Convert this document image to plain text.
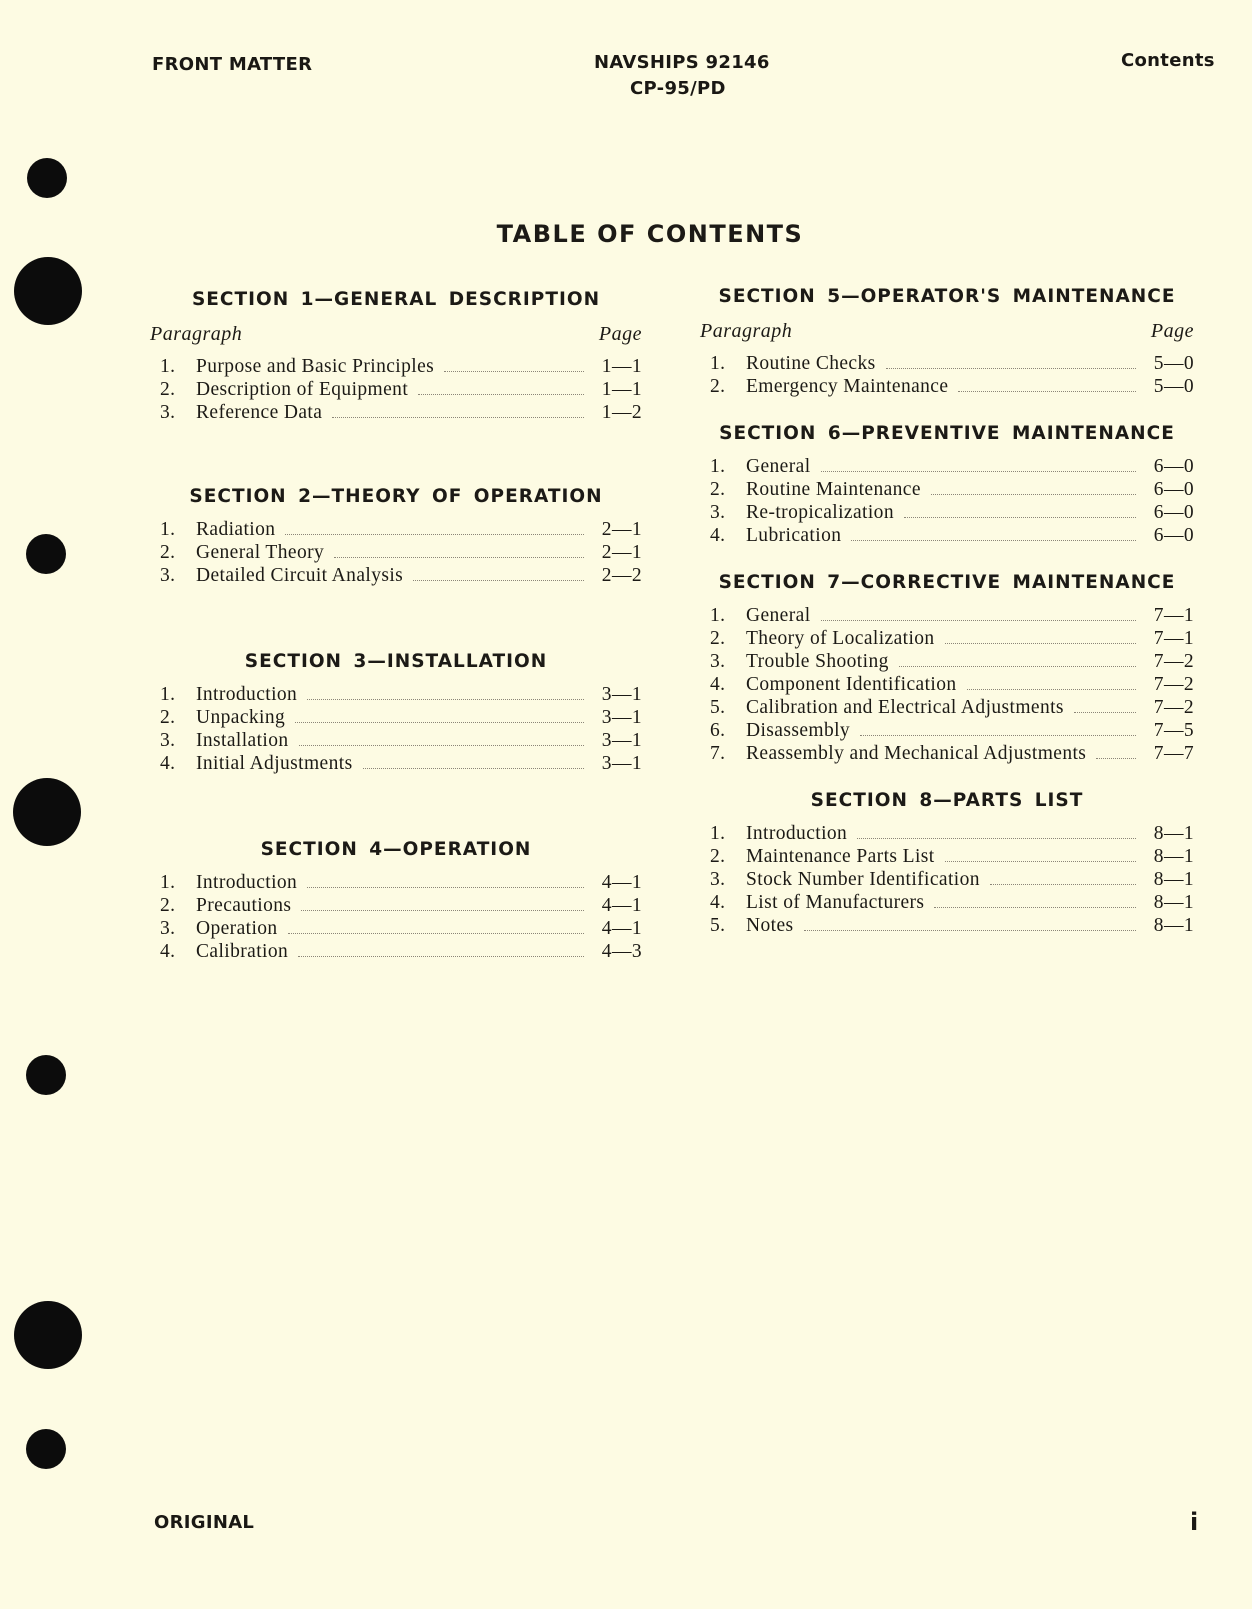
FRONT MATTER	NAVSHIPS 92146
CP-95/PD
Contents
TABLE OF CONTENTS
SECTION 1—GENERAL DESCRIPTION
Paragraph	Page
1.	Purpose and Basic Principles	1—1
2.	Description of Equipment	1—1
3.	Reference Data	1—2
SECTION 2—THEORY OF OPERATION
1.	Radiation	2—1
2.	General Theory	2—1
3.	Detailed Circuit Analysis	2—2
SECTION 3—INSTALLATION
1.	Introduction	3—1
2.	Unpacking	3—1
3.	Installation	3—1
4.	Initial Adjustments	3—1
SECTION 4—OPERATION
1.	Introduction	4—1
2.	Precautions	4—1
3.	Operation	4—1
4.	Calibration	4—3
SECTION 5—OPERATOR'S MAINTENANCE
Paragraph	Page
1.	Routine Checks	5—0
2.	Emergency Maintenance	5—0
SECTION 6—PREVENTIVE MAINTENANCE
1.	General	6—0
2.	Routine Maintenance	6—0
3.	Re-tropicalization	6—0
4.	Lubrication	6—0
SECTION 7—CORRECTIVE MAINTENANCE
1.	General	7—1
2.	Theory of Localization	7—1
3.	Trouble Shooting	7—2
4.	Component Identification	7—2
5.	Calibration and Electrical Adjustments	7—2
6.	Disassembly	7—5
7.	Reassembly and Mechanical Adjustments	7—7
SECTION 8—PARTS LIST
1.	Introduction	8—1
2.	Maintenance Parts List	8—1
3.	Stock Number Identification	8—1
4.	List of Manufacturers	8—1
5.	Notes	8—1
ORIGINAL	i
